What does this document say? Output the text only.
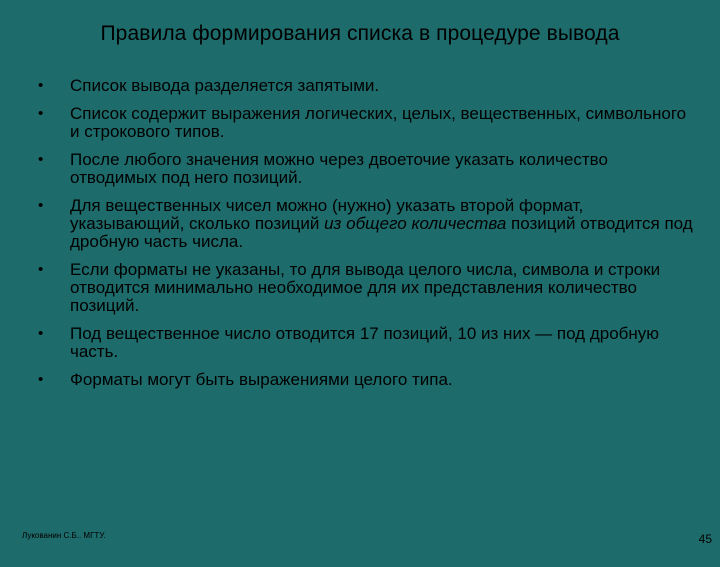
Правила формирования списка в процедуре вывода
• Список вывода разделяется запятыми.
• Список содержит выражения логических, целых, вещественных, символьного и строкового типов.
• После любого значения можно через двоеточие указать количество отводимых под него позиций.
• Для вещественных чисел можно (нужно) указать второй формат, указывающий, сколько позиций из общего количества позиций отводится под дробную часть числа.
• Если форматы не указаны, то для вывода целого числа, символа и строки отводится минимально необходимое для их представления количество позиций.
• Под вещественное число отводится 17 позиций, 10 из них — под дробную часть.
• Форматы могут быть выражениями целого типа.
Лукованин С.Б.. МГТУ.	45
